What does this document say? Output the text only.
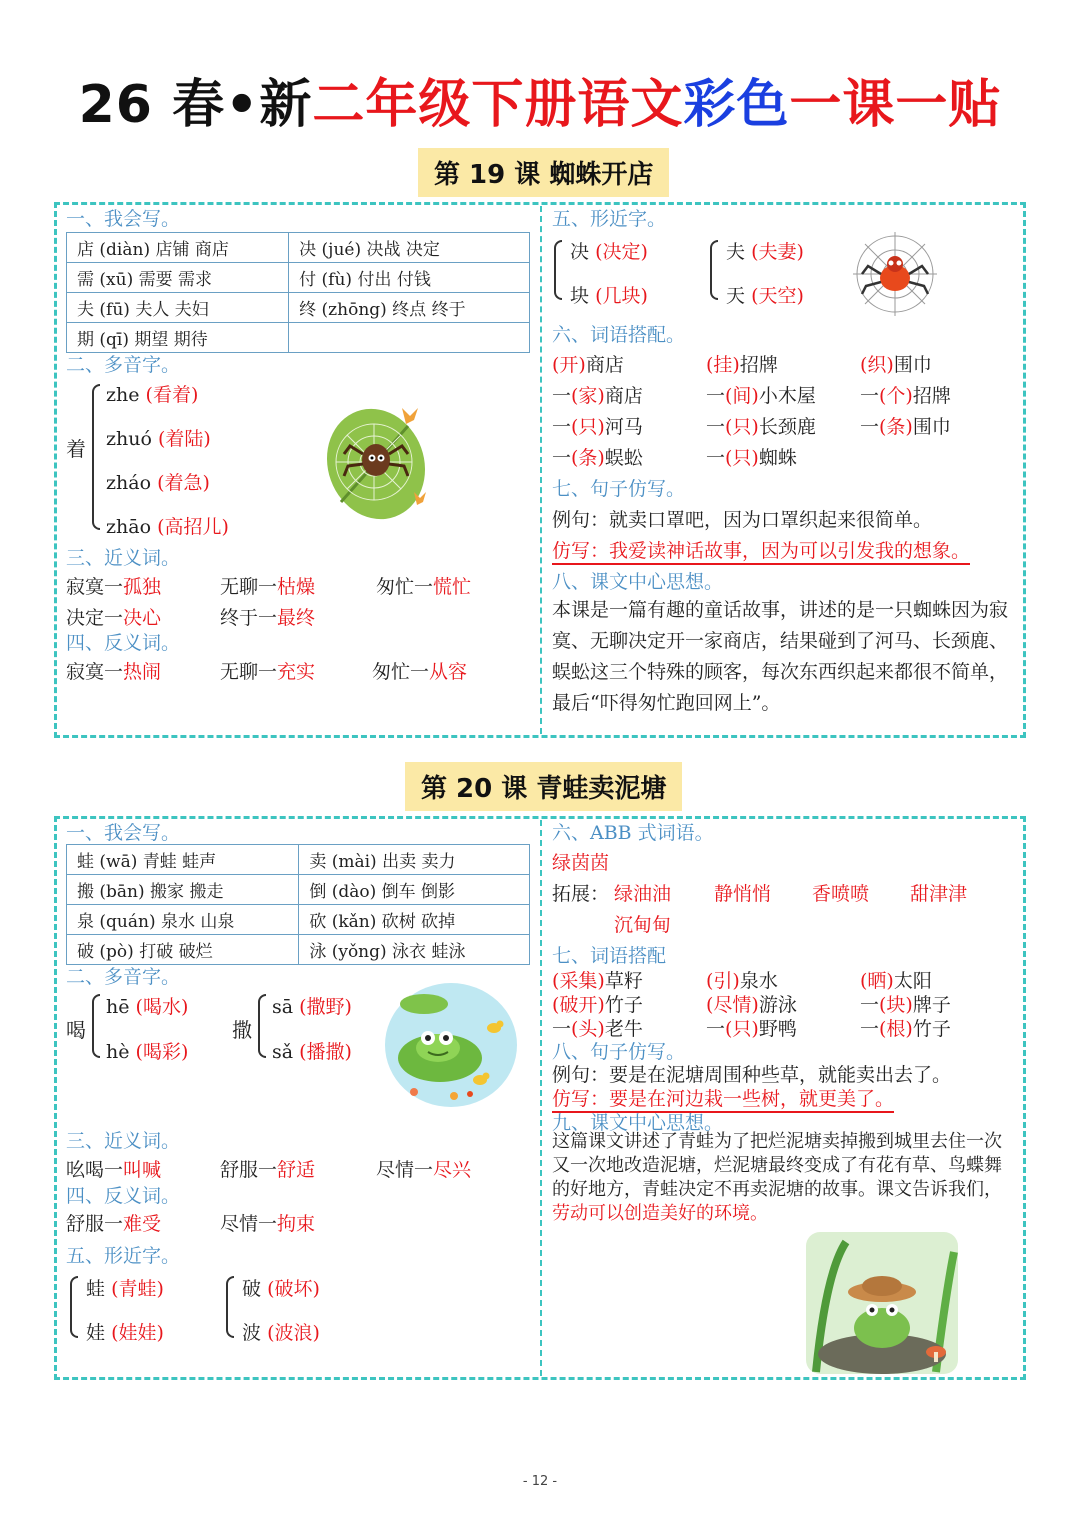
26 春•新二年级下册语文彩色一课一贴
第 19 课 蜘蛛开店
一、我会写。
店 (diàn) 店铺 商店	决 (jué) 决战 决定
需 (xū) 需要 需求	付 (fù) 付出 付钱
夫 (fū) 夫人 夫妇	终 (zhōng) 终点 终于
期 (qī) 期望 期待	
二、多音字。
着
zhe (看着)
zhuó (着陆)
zháo (着急)
zhāo (高招儿)
三、近义词。
寂寞一孤独	无聊一枯燥	匆忙一慌忙
决定一决心	终于一最终
四、反义词。
寂寞一热闹	无聊一充实	匆忙一从容
五、形近字。
决 (决定)
块 (几块)
夫 (夫妻)
天 (天空)
六、词语搭配。
(开)商店	(挂)招牌	(织)围巾
一(家)商店	一(间)小木屋 一(个)招牌
一(只)河马	一(只)长颈鹿 一(条)围巾
一(条)蜈蚣	一(只)蜘蛛
七、句子仿写。
例句：就卖口罩吧，因为口罩织起来很简单。
仿写：我爱读神话故事，因为可以引发我的想象。
八、课文中心思想。
本课是一篇有趣的童话故事，讲述的是一只蜘蛛因为寂寞、无聊决定开一家商店，结果碰到了河马、长颈鹿、蜈蚣这三个特殊的顾客，每次东西织起来都很不简单，最后“吓得匆忙跑回网上”。
第 20 课 青蛙卖泥塘
一、我会写。
蛙 (wā) 青蛙 蛙声	卖 (mài) 出卖 卖力
搬 (bān) 搬家 搬走	倒 (dào) 倒车 倒影
泉 (quán) 泉水 山泉	砍 (kǎn) 砍树 砍掉
破 (pò) 打破 破烂	泳 (yǒng) 泳衣 蛙泳
二、多音字。
喝
hē (喝水)
hè (喝彩)
撒
sā (撒野)
sǎ (播撒)
三、近义词。
吆喝一叫喊	舒服一舒适	尽情一尽兴
四、反义词。
舒服一难受	尽情一拘束
五、形近字。
蛙 (青蛙)
娃 (娃娃)
破 (破坏)
波 (波浪)
六、ABB 式词语。
绿茵茵
拓展： 绿油油 静悄悄 香喷喷 甜津津
沉甸甸
七、词语搭配
(采集)草籽	(引)泉水	(晒)太阳
(破开)竹子	(尽情)游泳	一(块)牌子
一(头)老牛	一(只)野鸭	一(根)竹子
八、句子仿写。
例句：要是在泥塘周围种些草，就能卖出去了。
仿写：要是在河边栽一些树，就更美了。
九、课文中心思想。
这篇课文讲述了青蛙为了把烂泥塘卖掉搬到城里去住一次又一次地改造泥塘，烂泥塘最终变成了有花有草、鸟蝶舞的好地方，青蛙决定不再卖泥塘的故事。课文告诉我们，劳动可以创造美好的环境。
- 12 -
